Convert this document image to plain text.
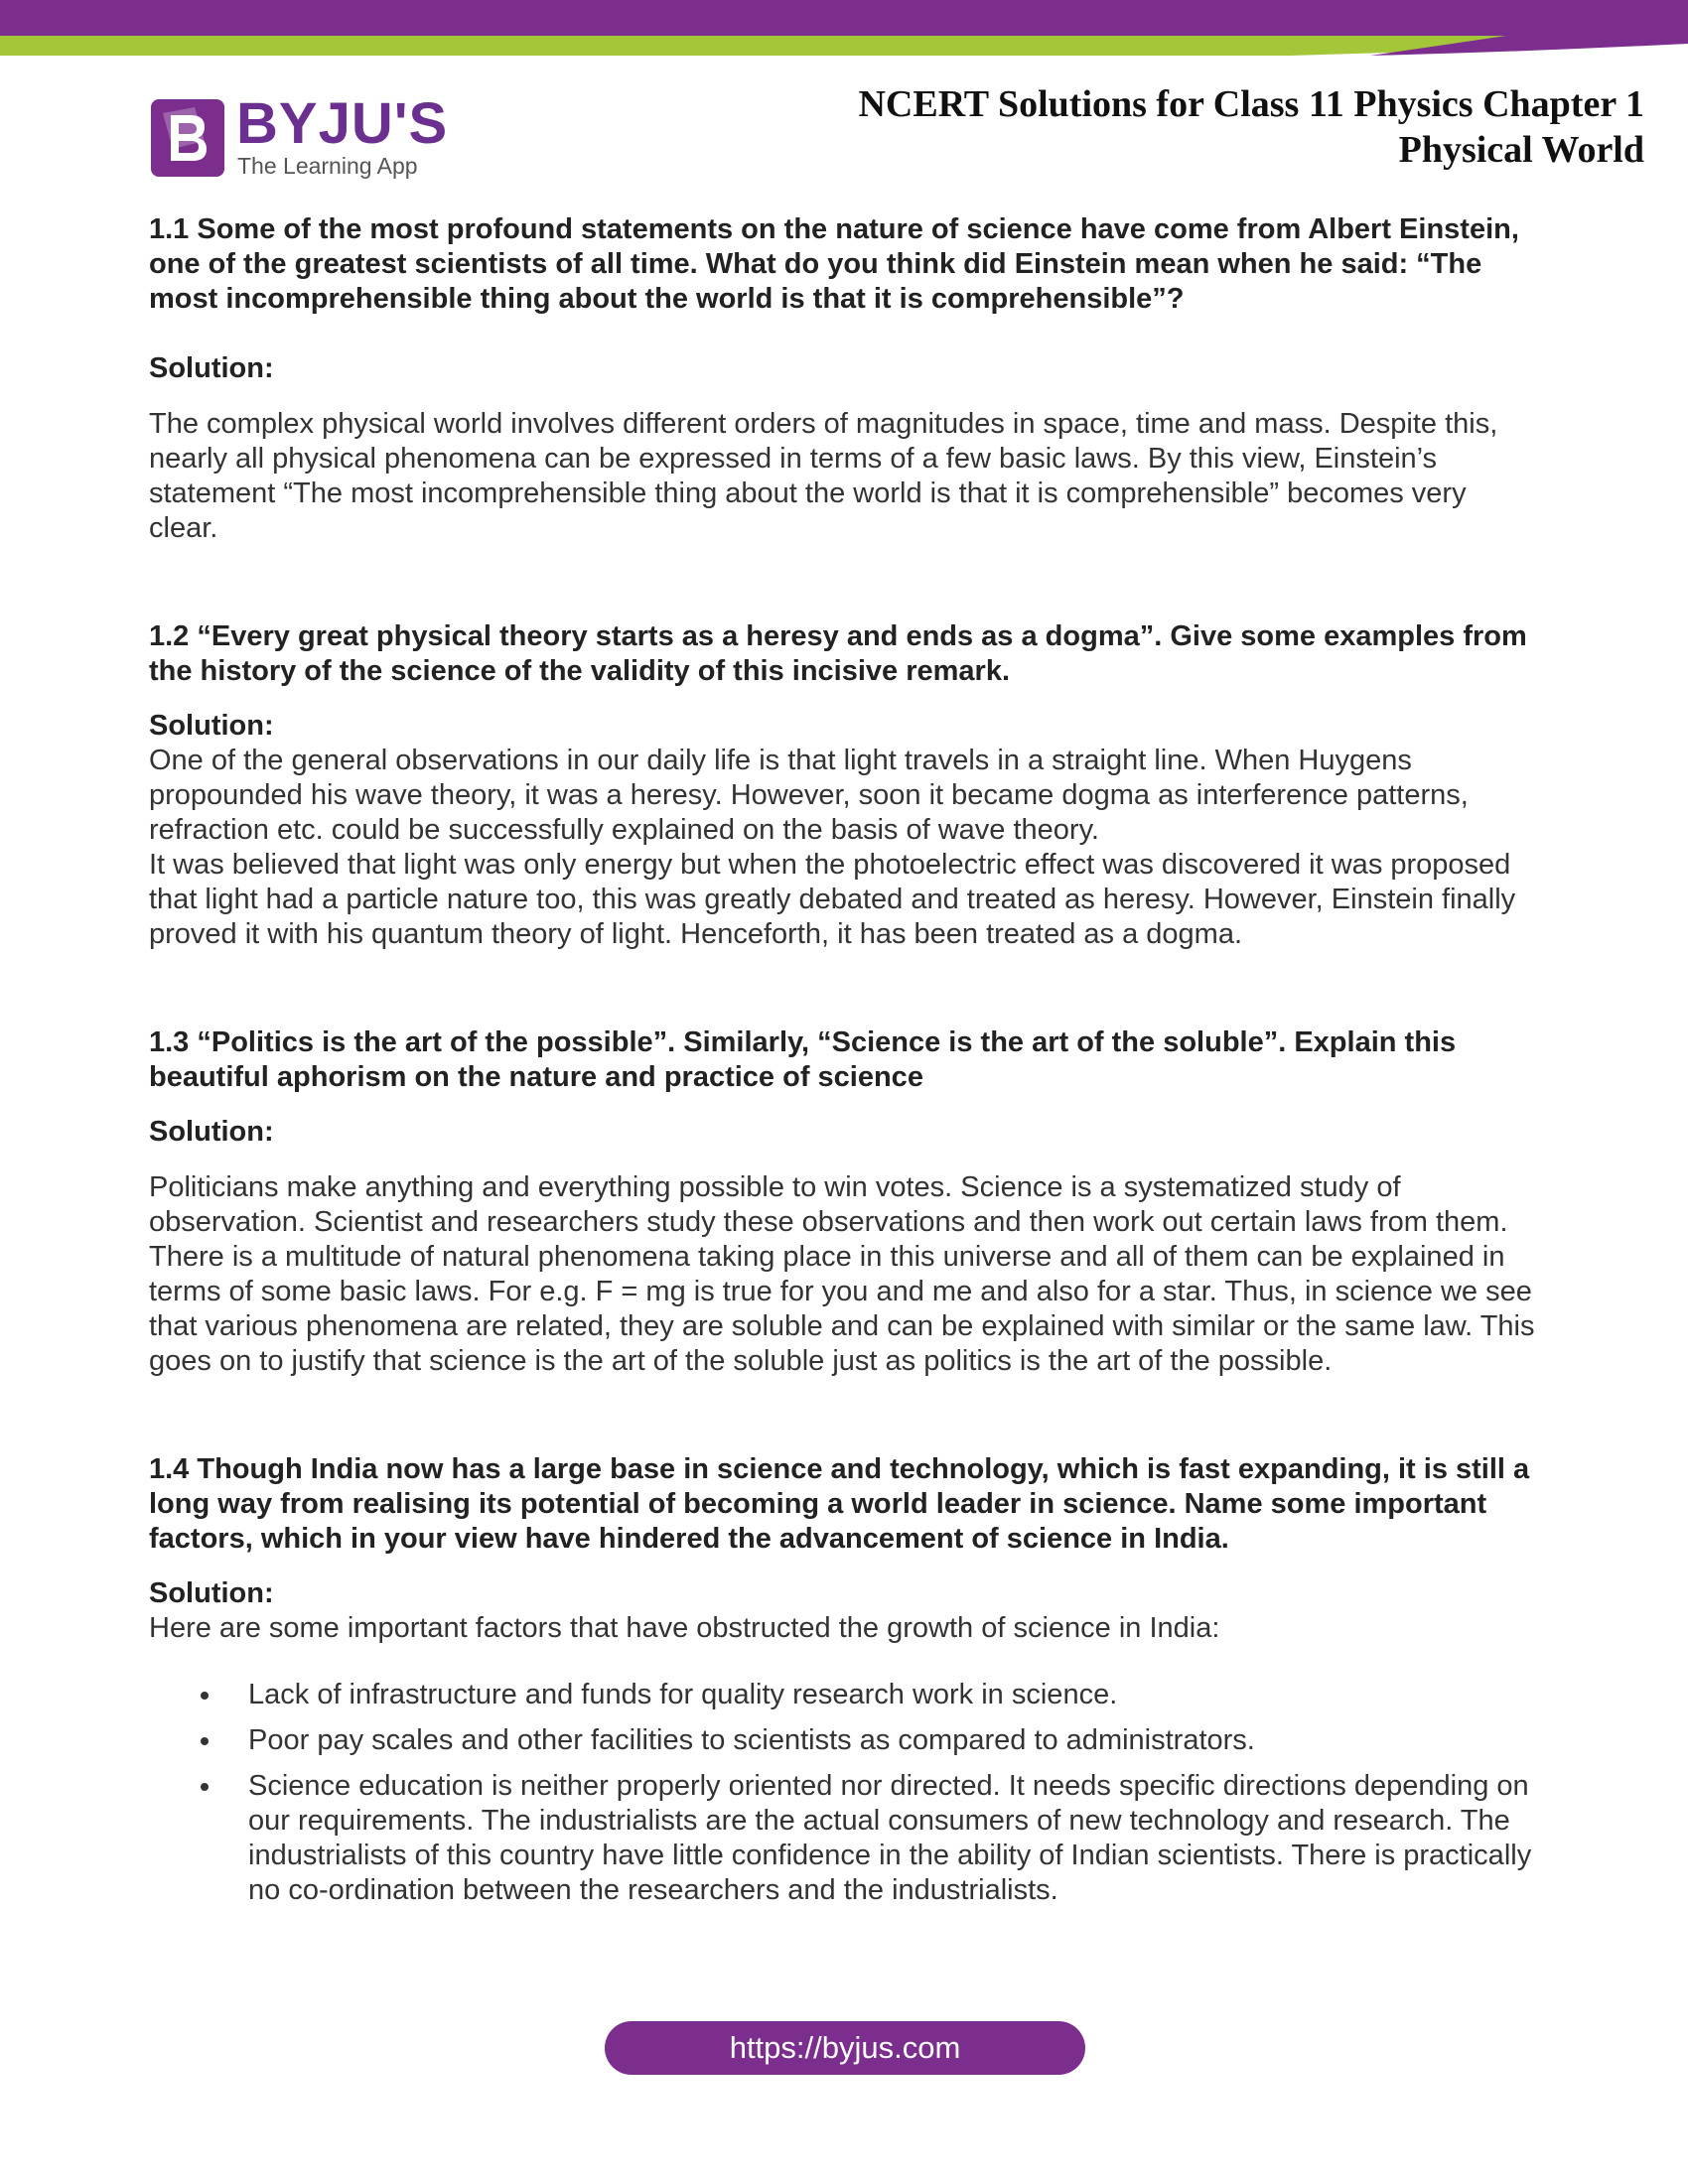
BYJU'S
The Learning App
NCERT Solutions for Class 11 Physics Chapter 1
Physical World

1.1 Some of the most profound statements on the nature of science have come from Albert Einstein, one of the greatest scientists of all time. What do you think did Einstein mean when he said: “The most incomprehensible thing about the world is that it is comprehensible”?

Solution:

The complex physical world involves different orders of magnitudes in space, time and mass. Despite this, nearly all physical phenomena can be expressed in terms of a few basic laws. By this view, Einstein’s statement “The most incomprehensible thing about the world is that it is comprehensible” becomes very clear.

1.2 “Every great physical theory starts as a heresy and ends as a dogma”. Give some examples from the history of the science of the validity of this incisive remark.

Solution:

One of the general observations in our daily life is that light travels in a straight line. When Huygens propounded his wave theory, it was a heresy. However, soon it became dogma as interference patterns, refraction etc. could be successfully explained on the basis of wave theory.

It was believed that light was only energy but when the photoelectric effect was discovered it was proposed that light had a particle nature too, this was greatly debated and treated as heresy. However, Einstein finally proved it with his quantum theory of light. Henceforth, it has been treated as a dogma.

1.3 “Politics is the art of the possible”. Similarly, “Science is the art of the soluble”. Explain this beautiful aphorism on the nature and practice of science

Solution:

Politicians make anything and everything possible to win votes. Science is a systematized study of observation. Scientist and researchers study these observations and then work out certain laws from them. There is a multitude of natural phenomena taking place in this universe and all of them can be explained in terms of some basic laws. For e.g. F = mg is true for you and me and also for a star. Thus, in science we see that various phenomena are related, they are soluble and can be explained with similar or the same law. This goes on to justify that science is the art of the soluble just as politics is the art of the possible.

1.4 Though India now has a large base in science and technology, which is fast expanding, it is still a long way from realising its potential of becoming a world leader in science. Name some important factors, which in your view have hindered the advancement of science in India.

Solution:

Here are some important factors that have obstructed the growth of science in India:

Lack of infrastructure and funds for quality research work in science.
Poor pay scales and other facilities to scientists as compared to administrators.
Science education is neither properly oriented nor directed. It needs specific directions depending on our requirements. The industrialists are the actual consumers of new technology and research. The industrialists of this country have little confidence in the ability of Indian scientists. There is practically no co-ordination between the researchers and the industrialists.
https://byjus.com
